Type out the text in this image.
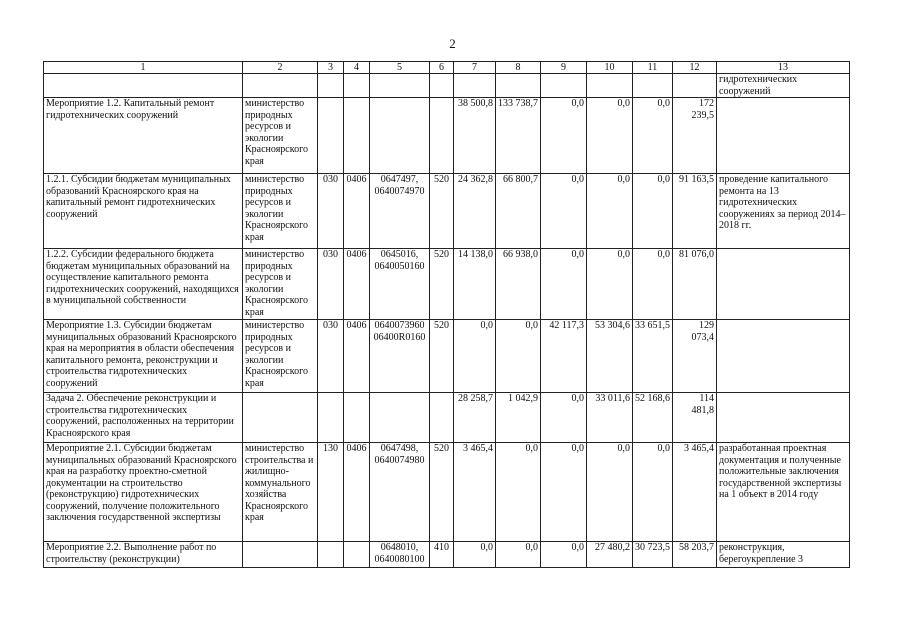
2
1	2	3	4	5	6	7	8	9	10	11	12	13
												гидротехнических сооружений
Мероприятие 1.2. Капитальный ремонт гидротехнических сооружений	министерство природных ресурсов и экологии Красноярского края					38 500,8	133 738,7	0,0	0,0	0,0	172 239,5	
1.2.1. Субсидии бюджетам муниципальных образований Красноярского края на капитальный ремонт гидротехнических сооружений	министерство природных ресурсов и экологии Красноярского края	030	0406	0647497, 0640074970	520	24 362,8	66 800,7	0,0	0,0	0,0	91 163,5	проведение капитального ремонта на 13 гидротехнических сооружениях за период 2014–2018 гг.
1.2.2. Субсидии федерального бюджета бюджетам муниципальных образований на осуществление капитального ремонта гидротехнических сооружений, находящихся в муниципальной собственности	министерство природных ресурсов и экологии Красноярского края	030	0406	0645016, 0640050160	520	14 138,0	66 938,0	0,0	0,0	0,0	81 076,0	
Мероприятие 1.3. Субсидии бюджетам муниципальных образований Красноярского края на мероприятия в области обеспечения капитального ремонта, реконструкции и строительства гидротехнических сооружений	министерство природных ресурсов и экологии Красноярского края	030	0406	0640073960 06400R0160	520	0,0	0,0	42 117,3	53 304,6	33 651,5	129 073,4	
Задача 2. Обеспечение реконструкции и строительства гидротехнических сооружений, расположенных на территории Красноярского края						28 258,7	1 042,9	0,0	33 011,6	52 168,6	114 481,8	
Мероприятие 2.1. Субсидии бюджетам муниципальных образований Красноярского края на разработку проектно-сметной документации на строительство (реконструкцию) гидротехнических сооружений, получение положительного заключения государственной экспертизы	министерство строительства и жилищно-коммунального хозяйства Красноярского края	130	0406	0647498, 0640074980	520	3 465,4	0,0	0,0	0,0	0,0	3 465,4	разработанная проектная документация и полученные положительные заключения государственной экспертизы на 1 объект в 2014 году
Мероприятие 2.2. Выполнение работ по строительству (реконструкции)				0648010, 0640080100	410	0,0	0,0	0,0	27 480,2	30 723,5	58 203,7	реконструкция, берегоукрепление 3
